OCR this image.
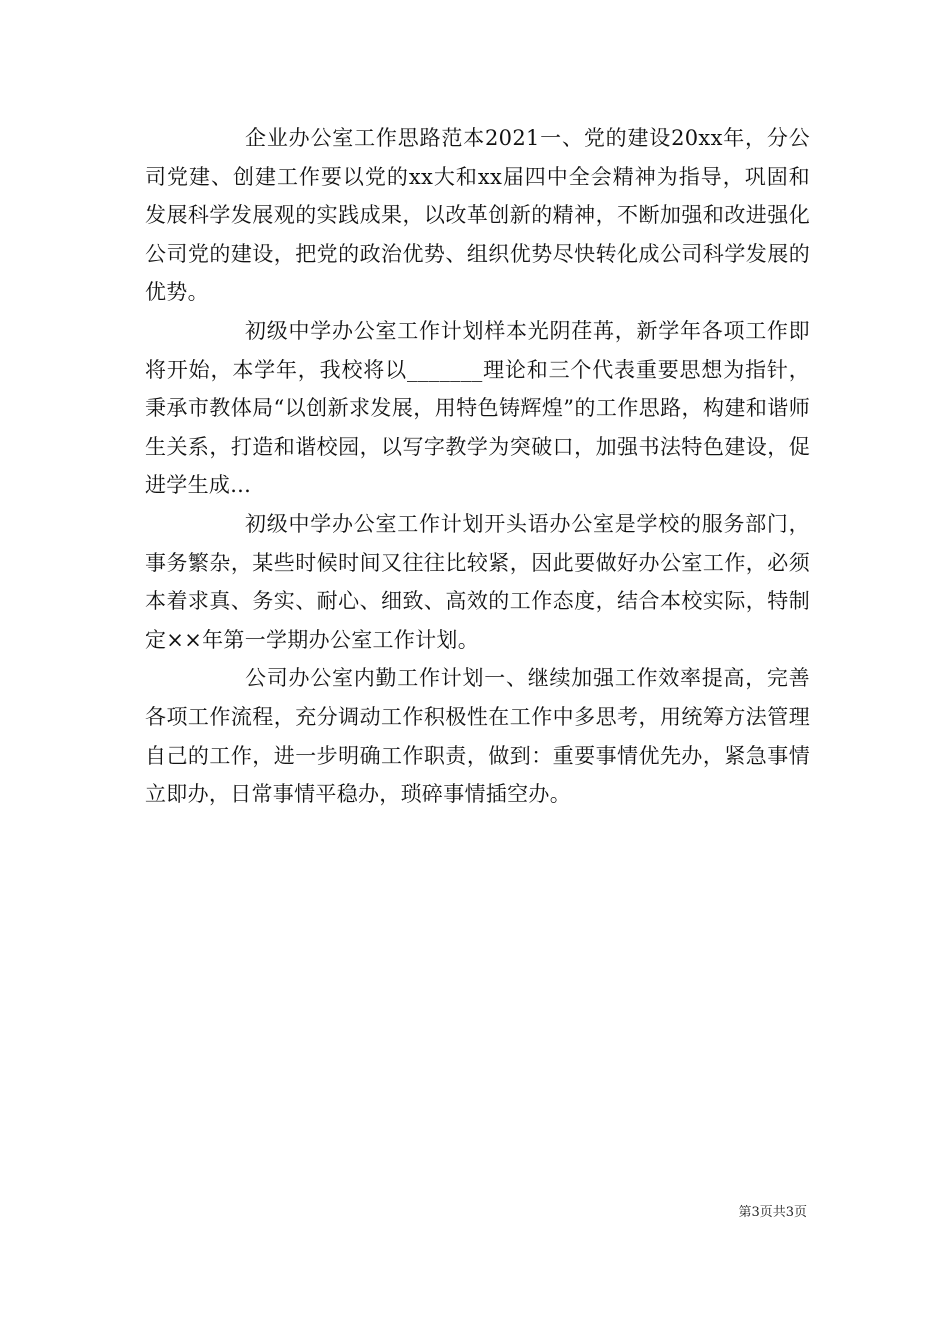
企业办公室工作思路范本2021一、党的建设20xx年，分公司党建、创建工作要以党的xx大和xx届四中全会精神为指导，巩固和发展科学发展观的实践成果，以改革创新的精神，不断加强和改进强化公司党的建设，把党的政治优势、组织优势尽快转化成公司科学发展的优势。

初级中学办公室工作计划样本光阴荏苒，新学年各项工作即将开始，本学年，我校将以_______理论和三个代表重要思想为指针，秉承市教体局“以创新求发展，用特色铸辉煌”的工作思路，构建和谐师生关系，打造和谐校园，以写字教学为突破口，加强书法特色建设，促进学生成...

初级中学办公室工作计划开头语办公室是学校的服务部门，事务繁杂，某些时候时间又往往比较紧，因此要做好办公室工作，必须本着求真、务实、耐心、细致、高效的工作态度，结合本校实际，特制定××年第一学期办公室工作计划。

公司办公室内勤工作计划一、继续加强工作效率提高，完善各项工作流程，充分调动工作积极性在工作中多思考，用统筹方法管理自己的工作，进一步明确工作职责，做到：重要事情优先办，紧急事情立即办，日常事情平稳办，琐碎事情插空办。

第3页共3页
